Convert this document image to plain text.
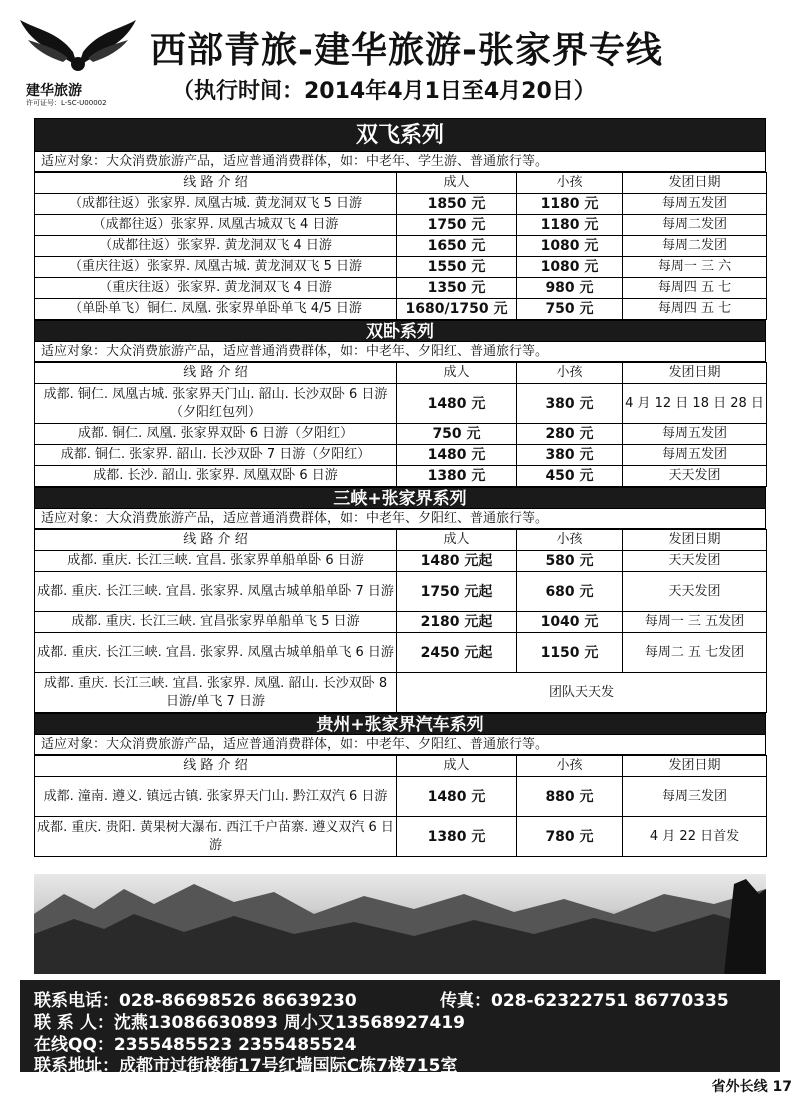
建华旅游
许可证号：L-SC-U00002
西部青旅-建华旅游-张家界专线
（执行时间：2014年4月1日至4月20日）
双飞系列
适应对象：大众消费旅游产品，适应普通消费群体，如：中老年、学生游、普通旅行等。
线 路 介 绍	成人	小孩	发团日期
（成都往返）张家界. 凤凰古城. 黄龙洞双飞 5 日游	1850 元	1180 元	每周五发团
（成都往返）张家界. 凤凰古城双飞 4 日游	1750 元	1180 元	每周二发团
（成都往返）张家界. 黄龙洞双飞 4 日游	1650 元	1080 元	每周二发团
（重庆往返）张家界. 凤凰古城. 黄龙洞双飞 5 日游	1550 元	1080 元	每周一 三 六
（重庆往返）张家界. 黄龙洞双飞 4 日游	1350 元	980 元	每周四 五 七
（单卧单飞）铜仁. 凤凰. 张家界单卧单飞 4/5 日游	1680/1750 元	750 元	每周四 五 七
双卧系列
适应对象：大众消费旅游产品，适应普通消费群体，如：中老年、夕阳红、普通旅行等。
线 路 介 绍	成人	小孩	发团日期
成都. 铜仁. 凤凰古城. 张家界天门山. 韶山. 长沙双卧 6 日游（夕阳红包列）	1480 元	380 元	4 月 12 日 18 日 28 日
成都. 铜仁. 凤凰. 张家界双卧 6 日游（夕阳红）	750 元	280 元	每周五发团
成都. 铜仁. 张家界. 韶山. 长沙双卧 7 日游（夕阳红）	1480 元	380 元	每周五发团
成都. 长沙. 韶山. 张家界. 凤凰双卧 6 日游	1380 元	450 元	天天发团
三峡+张家界系列
适应对象：大众消费旅游产品，适应普通消费群体，如：中老年、夕阳红、普通旅行等。
线 路 介 绍	成人	小孩	发团日期
成都. 重庆. 长江三峡. 宜昌. 张家界单船单卧 6 日游	1480 元起	580 元	天天发团
成都. 重庆. 长江三峡. 宜昌. 张家界. 凤凰古城单船单卧 7 日游	1750 元起	680 元	天天发团
成都. 重庆. 长江三峡. 宜昌张家界单船单飞 5 日游	2180 元起	1040 元	每周一 三 五发团
成都. 重庆. 长江三峡. 宜昌. 张家界. 凤凰古城单船单飞 6 日游	2450 元起	1150 元	每周二 五 七发团
成都. 重庆. 长江三峡. 宜昌. 张家界. 凤凰. 韶山. 长沙双卧 8 日游/单飞 7 日游	团队天天发		
贵州+张家界汽车系列
适应对象：大众消费旅游产品，适应普通消费群体，如：中老年、夕阳红、普通旅行等。
线 路 介 绍	成人	小孩	发团日期
成都. 潼南. 遵义. 镇远古镇. 张家界天门山. 黔江双汽 6 日游	1480 元	880 元	每周三发团
成都. 重庆. 贵阳. 黄果树大瀑布. 西江千户苗寨. 遵义双汽 6 日游	1380 元	780 元	4 月 22 日首发
联系电话：028-86698526 86639230	传真：028-62322751 86770335
联 系 人：沈燕13086630893 周小又13568927419
在线QQ：2355485523 2355485524
联系地址：成都市过街楼街17号红墙国际C栋7楼715室
省外长线 17
